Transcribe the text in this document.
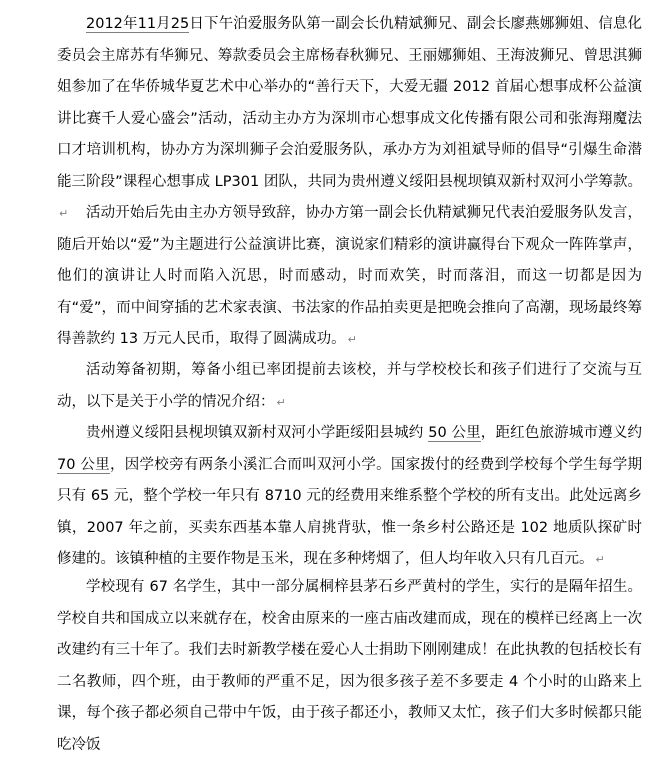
2012年11月25日下午泊爱服务队第一副会长仇精斌狮兄、副会长廖燕娜狮姐、信息化委员会主席苏有华狮兄、筹款委员会主席杨春秋狮兄、王丽娜狮姐、王海波狮兄、曾思淇狮姐参加了在华侨城华夏艺术中心举办的“善行天下，大爱无疆 2012 首届心想事成杯公益演讲比赛千人爱心盛会”活动，活动主办方为深圳市心想事成文化传播有限公司和张海翔魔法口才培训机构，协办方为深圳狮子会泊爱服务队，承办方为刘祖斌导师的倡导“引爆生命潜能三阶段”课程心想事成 LP301 团队，共同为贵州遵义绥阳县枧坝镇双新村双河小学筹款。↵	活动开始后先由主办方领导致辞，协办方第一副会长仇精斌狮兄代表泊爱服务队发言，随后开始以“爱”为主题进行公益演讲比赛，演说家们精彩的演讲赢得台下观众一阵阵掌声，他们的演讲让人时而陷入沉思，时而感动，时而欢笑，时而落泪，而这一切都是因为有“爱”，而中间穿插的艺术家表演、书法家的作品拍卖更是把晚会推向了高潮，现场最终筹得善款约 13 万元人民币，取得了圆满成功。 ↵

活动筹备初期，筹备小组已率团提前去该校，并与学校校长和孩子们进行了交流与互动，以下是关于小学的情况介绍： ↵

贵州遵义绥阳县枧坝镇双新村双河小学距绥阳县城约 50 公里，距红色旅游城市遵义约 70 公里，因学校旁有两条小溪汇合而叫双河小学。国家拨付的经费到学校每个学生每学期只有 65 元，整个学校一年只有 8710 元的经费用来维系整个学校的所有支出。此处远离乡镇，2007 年之前，买卖东西基本靠人肩挑背驮，惟一条乡村公路还是 102 地质队探矿时修建的。该镇种植的主要作物是玉米，现在多种烤烟了，但人均年收入只有几百元。 ↵

学校现有 67 名学生，其中一部分属桐梓县茅石乡严黄村的学生，实行的是隔年招生。学校自共和国成立以来就存在，校舍由原来的一座古庙改建而成，现在的模样已经离上一次改建约有三十年了。我们去时新教学楼在爱心人士捐助下刚刚建成！在此执教的包括校长有二名教师，四个班，由于教师的严重不足，因为很多孩子差不多要走 4 个小时的山路来上课，每个孩子都必须自己带中午饭，由于孩子都还小，教师又太忙，孩子们大多时候都只能吃冷饭
